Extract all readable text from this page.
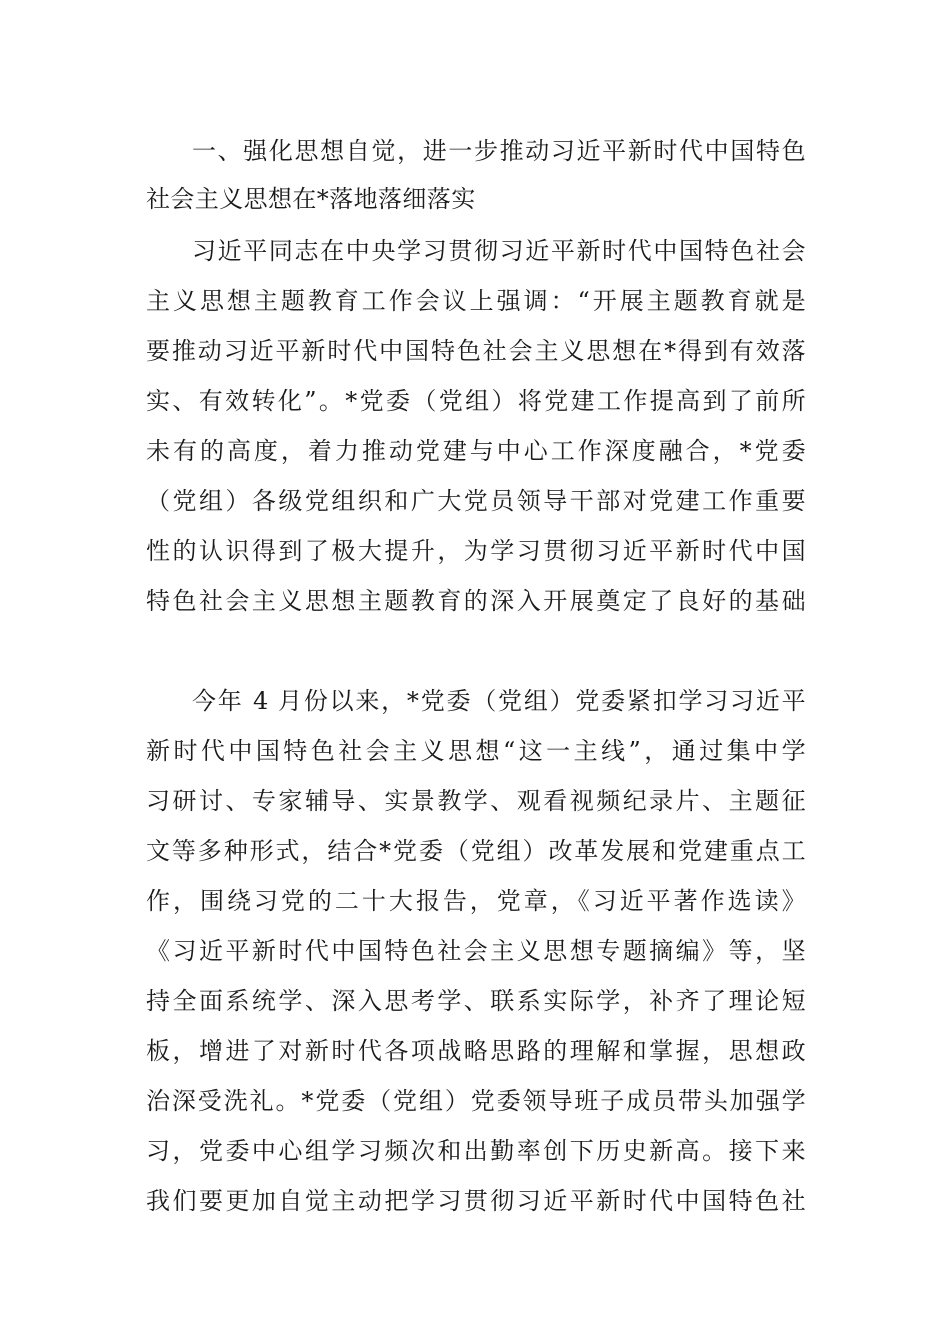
一、强化思想自觉，进一步推动习近平新时代中国特色
社会主义思想在*落地落细落实
习近平同志在中央学习贯彻习近平新时代中国特色社会
主义思想主题教育工作会议上强调：“开展主题教育就是
要推动习近平新时代中国特色社会主义思想在*得到有效落
实、有效转化”。*党委（党组）将党建工作提高到了前所
未有的高度，着力推动党建与中心工作深度融合，*党委
（党组）各级党组织和广大党员领导干部对党建工作重要
性的认识得到了极大提升，为学习贯彻习近平新时代中国
特色社会主义思想主题教育的深入开展奠定了良好的基础
今年 4 月份以来，*党委（党组）党委紧扣学习习近平
新时代中国特色社会主义思想“这一主线”，通过集中学
习研讨、专家辅导、实景教学、观看视频纪录片、主题征
文等多种形式，结合*党委（党组）改革发展和党建重点工
作，围绕习党的二十大报告，党章，《习近平著作选读》
《习近平新时代中国特色社会主义思想专题摘编》等，坚
持全面系统学、深入思考学、联系实际学，补齐了理论短
板，增进了对新时代各项战略思路的理解和掌握，思想政
治深受洗礼。*党委（党组）党委领导班子成员带头加强学
习，党委中心组学习频次和出勤率创下历史新高。接下来
我们要更加自觉主动把学习贯彻习近平新时代中国特色社
